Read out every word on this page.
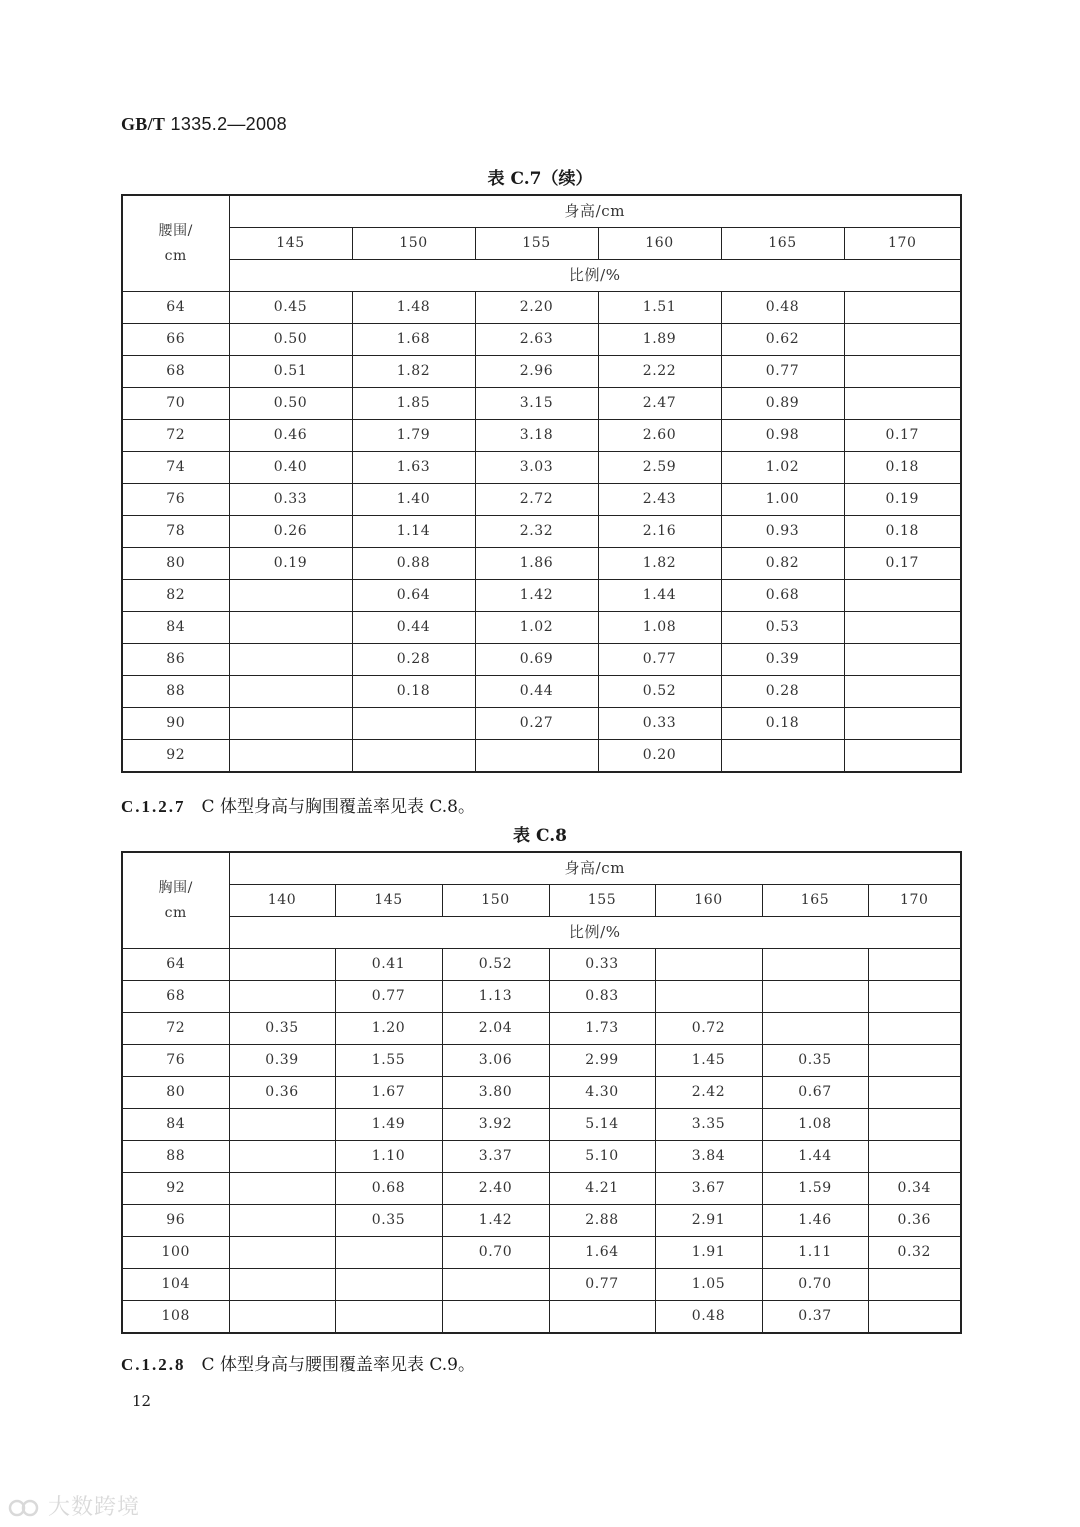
GB/T 1335.2—2008
表 C.7（续）
腰围/
cm	身高/cm					
	145	150	155	160	165	170
	比例/%					
64	0.45	1.48	2.20	1.51	0.48	
66	0.50	1.68	2.63	1.89	0.62	
68	0.51	1.82	2.96	2.22	0.77	
70	0.50	1.85	3.15	2.47	0.89	
72	0.46	1.79	3.18	2.60	0.98	0.17
74	0.40	1.63	3.03	2.59	1.02	0.18
76	0.33	1.40	2.72	2.43	1.00	0.19
78	0.26	1.14	2.32	2.16	0.93	0.18
80	0.19	0.88	1.86	1.82	0.82	0.17
82		0.64	1.42	1.44	0.68	
84		0.44	1.02	1.08	0.53	
86		0.28	0.69	0.77	0.39	
88		0.18	0.44	0.52	0.28	
90			0.27	0.33	0.18	
92				0.20		
C.1.2.7 C 体型身高与胸围覆盖率见表 C.8。
表 C.8
胸围/
cm	身高/cm						
	140	145	150	155	160	165	170
	比例/%						
64		0.41	0.52	0.33			
68		0.77	1.13	0.83			
72	0.35	1.20	2.04	1.73	0.72		
76	0.39	1.55	3.06	2.99	1.45	0.35	
80	0.36	1.67	3.80	4.30	2.42	0.67	
84		1.49	3.92	5.14	3.35	1.08	
88		1.10	3.37	5.10	3.84	1.44	
92		0.68	2.40	4.21	3.67	1.59	0.34
96		0.35	1.42	2.88	2.91	1.46	0.36
100			0.70	1.64	1.91	1.11	0.32
104				0.77	1.05	0.70	
108					0.48	0.37	
C.1.2.8 C 体型身高与腰围覆盖率见表 C.9。
12
大数跨境
